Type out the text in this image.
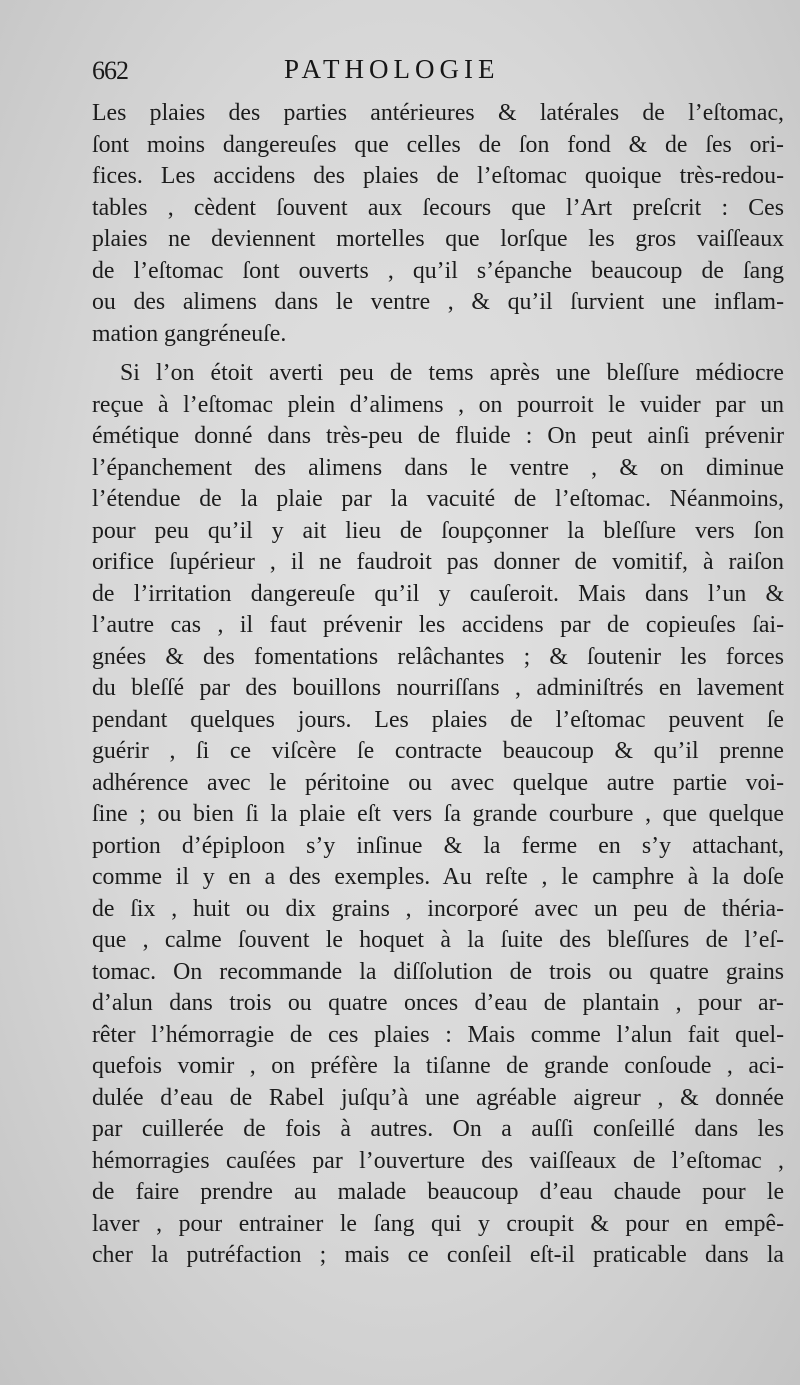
662	PATHOLOGIE
Les plaies des parties antérieures & latérales de l’eſtomac,
ſont moins dangereuſes que celles de ſon fond & de ſes ori-
fices. Les accidens des plaies de l’eſtomac quoique très-redou-
tables , cèdent ſouvent aux ſecours que l’Art preſcrit : Ces
plaies ne deviennent mortelles que lorſque les gros vaiſſeaux
de l’eſtomac ſont ouverts , qu’il s’épanche beaucoup de ſang
ou des alimens dans le ventre , & qu’il ſurvient une inflam-
mation gangréneuſe.
Si l’on étoit averti peu de tems après une bleſſure médiocre
reçue à l’eſtomac plein d’alimens , on pourroit le vuider par un
émétique donné dans très-peu de fluide : On peut ainſi prévenir
l’épanchement des alimens dans le ventre , & on diminue
l’étendue de la plaie par la vacuité de l’eſtomac. Néanmoins,
pour peu qu’il y ait lieu de ſoupçonner la bleſſure vers ſon
orifice ſupérieur , il ne faudroit pas donner de vomitif, à raiſon
de l’irritation dangereuſe qu’il y cauſeroit. Mais dans l’un &
l’autre cas , il faut prévenir les accidens par de copieuſes ſai-
gnées & des fomentations relâchantes ; & ſoutenir les forces
du bleſſé par des bouillons nourriſſans , adminiſtrés en lavement
pendant quelques jours. Les plaies de l’eſtomac peuvent ſe
guérir , ſi ce viſcère ſe contracte beaucoup & qu’il prenne
adhérence avec le péritoine ou avec quelque autre partie voi-
ſine ; ou bien ſi la plaie eſt vers ſa grande courbure , que quelque
portion d’épiploon s’y inſinue & la ferme en s’y attachant,
comme il y en a des exemples. Au reſte , le camphre à la doſe
de ſix , huit ou dix grains , incorporé avec un peu de théria-
que , calme ſouvent le hoquet à la ſuite des bleſſures de l’eſ-
tomac. On recommande la diſſolution de trois ou quatre grains
d’alun dans trois ou quatre onces d’eau de plantain , pour ar-
rêter l’hémorragie de ces plaies : Mais comme l’alun fait quel-
quefois vomir , on préfère la tiſanne de grande conſoude , aci-
dulée d’eau de Rabel juſqu’à une agréable aigreur , & donnée
par cuillerée de fois à autres. On a auſſi conſeillé dans les
hémorragies cauſées par l’ouverture des vaiſſeaux de l’eſtomac ,
de faire prendre au malade beaucoup d’eau chaude pour le
laver , pour entrainer le ſang qui y croupit & pour en empê-
cher la putréfaction ; mais ce conſeil eſt-il praticable dans la
